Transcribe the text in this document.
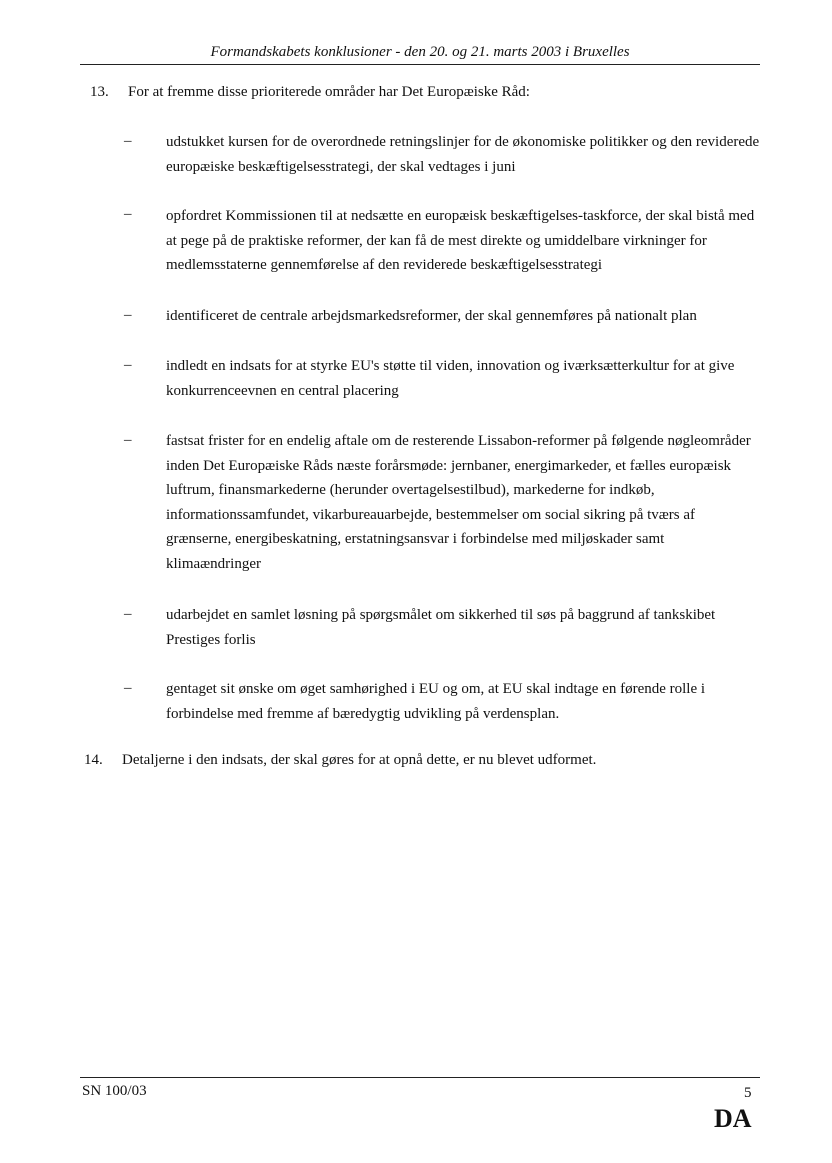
Formandskabets konklusioner - den 20. og 21. marts 2003 i Bruxelles
13. For at fremme disse prioriterede områder har Det Europæiske Råd:
– udstukket kursen for de overordnede retningslinjer for de økonomiske politikker og den reviderede europæiske beskæftigelsesstrategi, der skal vedtages i juni
– opfordret Kommissionen til at nedsætte en europæisk beskæftigelses-taskforce, der skal bistå med at pege på de praktiske reformer, der kan få de mest direkte og umiddelbare virkninger for medlemsstaterne gennemførelse af den reviderede beskæftigelsesstrategi
– identificeret de centrale arbejdsmarkedsreformer, der skal gennemføres på nationalt plan
– indledt en indsats for at styrke EU's støtte til viden, innovation og iværksætterkultur for at give konkurrenceevnen en central placering
– fastsat frister for en endelig aftale om de resterende Lissabon-reformer på følgende nøgleområder inden Det Europæiske Råds næste forårsmøde: jernbaner, energimarkeder, et fælles europæisk luftrum, finansmarkederne (herunder overtagelsestilbud), markederne for indkøb, informationssamfundet, vikarbureauarbejde, bestemmelser om social sikring på tværs af grænserne, energibeskatning, erstatningsansvar i forbindelse med miljøskader samt klimaændringer
– udarbejdet en samlet løsning på spørgsmålet om sikkerhed til søs på baggrund af tankskibet Prestiges forlis
– gentaget sit ønske om øget samhørighed i EU og om, at EU skal indtage en førende rolle i forbindelse med fremme af bæredygtig udvikling på verdensplan.
14. Detaljerne i den indsats, der skal gøres for at opnå dette, er nu blevet udformet.
SN 100/03	5
DA
